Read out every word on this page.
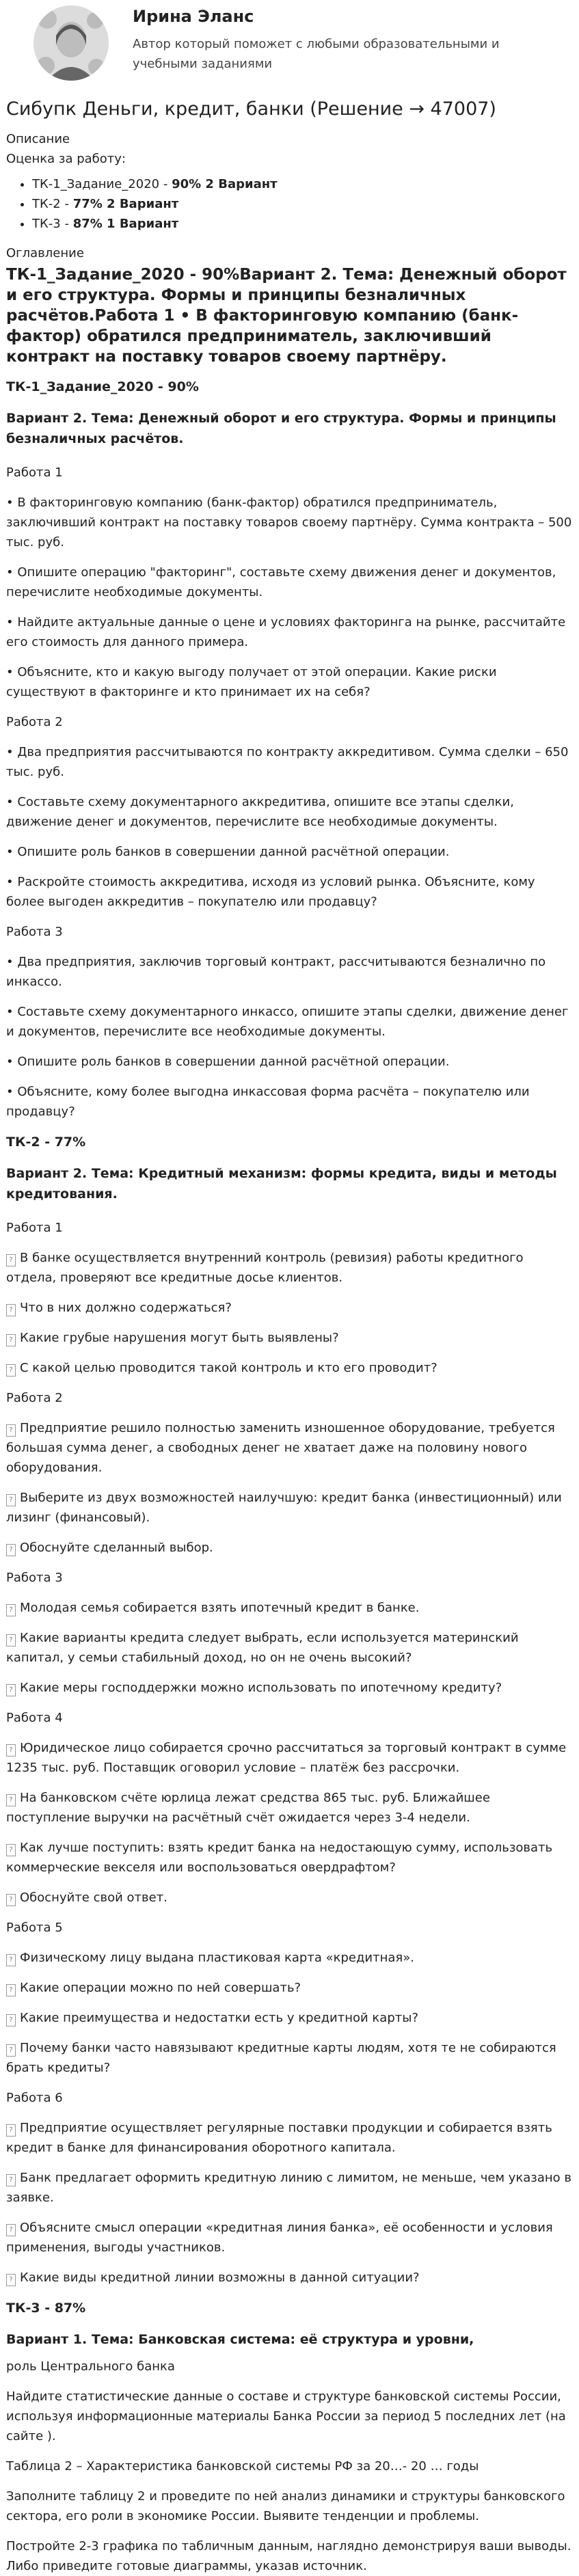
Ирина Эланс
Автор который поможет с любыми образовательными и учебными заданиями
Сибупк Деньги, кредит, банки (Решение → 47007)

Описание

Оценка за работу:

• ТК-1_Задание_2020 - 90% 2 Вариант
• ТК-2 - 77% 2 Вариант
• ТК-3 - 87% 1 Вариант

Оглавление

ТК-1_Задание_2020 - 90%Вариант 2. Тема: Денежный оборот и его структура. Формы и принципы безналичных расчётов.Работа 1 • В факторинговую компанию (банк-фактор) обратился предприниматель, заключивший контракт на поставку товаров своему партнёру.
ТК-1_Задание_2020 - 90%
Вариант 2. Тема: Денежный оборот и его структура. Формы и принципы безналичных расчётов.

Работа 1

• В факторинговую компанию (банк-фактор) обратился предприниматель, заключивший контракт на поставку товаров своему партнёру. Сумма контракта – 500 тыс. руб.

• Опишите операцию "факторинг", составьте схему движения денег и документов, перечислите необходимые документы.

• Найдите актуальные данные о цене и условиях факторинга на рынке, рассчитайте его стоимость для данного примера.

• Объясните, кто и какую выгоду получает от этой операции. Какие риски существуют в факторинге и кто принимает их на себя?

Работа 2

• Два предприятия рассчитываются по контракту аккредитивом. Сумма сделки – 650 тыс. руб.

• Составьте схему документарного аккредитива, опишите все этапы сделки, движение денег и документов, перечислите все необходимые документы.

• Опишите роль банков в совершении данной расчётной операции.

• Раскройте стоимость аккредитива, исходя из условий рынка. Объясните, кому более выгоден аккредитив – покупателю или продавцу?

Работа 3

• Два предприятия, заключив торговый контракт, рассчитываются безналично по инкассо.

• Составьте схему документарного инкассо, опишите этапы сделки, движение денег и документов, перечислите все необходимые документы.

• Опишите роль банков в совершении данной расчётной операции.

• Объясните, кому более выгодна инкассовая форма расчёта – покупателю или продавцу?

ТК-2 - 77%
Вариант 2. Тема: Кредитный механизм: формы кредита, виды и методы кредитования.

Работа 1

? В банке осуществляется внутренний контроль (ревизия) работы кредитного отдела, проверяют все кредитные досье клиентов.

? Что в них должно содержаться?

? Какие грубые нарушения могут быть выявлены?

? С какой целью проводится такой контроль и кто его проводит?

Работа 2

? Предприятие решило полностью заменить изношенное оборудование, требуется большая сумма денег, а свободных денег не хватает даже на половину нового оборудования.

? Выберите из двух возможностей наилучшую: кредит банка (инвестиционный) или лизинг (финансовый).

? Обоснуйте сделанный выбор.

Работа 3

? Молодая семья собирается взять ипотечный кредит в банке.

? Какие варианты кредита следует выбрать, если используется материнский капитал, у семьи стабильный доход, но он не очень высокий?

? Какие меры господдержки можно использовать по ипотечному кредиту?

Работа 4

? Юридическое лицо собирается срочно рассчитаться за торговый контракт в сумме 1235 тыс. руб. Поставщик оговорил условие – платёж без рассрочки.

? На банковском счёте юрлица лежат средства 865 тыс. руб. Ближайшее поступление выручки на расчётный счёт ожидается через 3-4 недели.

? Как лучше поступить: взять кредит банка на недостающую сумму, использовать коммерческие векселя или воспользоваться овердрафтом?

? Обоснуйте свой ответ.

Работа 5

? Физическому лицу выдана пластиковая карта «кредитная».

? Какие операции можно по ней совершать?

? Какие преимущества и недостатки есть у кредитной карты?

? Почему банки часто навязывают кредитные карты людям, хотя те не собираются брать кредиты?

Работа 6

? Предприятие осуществляет регулярные поставки продукции и собирается взять кредит в банке для финансирования оборотного капитала.

? Банк предлагает оформить кредитную линию с лимитом, не меньше, чем указано в заявке.

? Объясните смысл операции «кредитная линия банка», её особенности и условия применения, выгоды участников.

? Какие виды кредитной линии возможны в данной ситуации?

ТК-3 - 87%
Вариант 1. Тема: Банковская система: её структура и уровни,

роль Центрального банка

Найдите статистические данные о составе и структуре банковской системы России, используя информационные материалы Банка России за период 5 последних лет (на сайте ).

Таблица 2 – Характеристика банковской системы РФ за 20…- 20 … годы

Заполните таблицу 2 и проведите по ней анализ динамики и структуры банковского сектора, его роли в экономике России. Выявите тенденции и проблемы.

Постройте 2-3 графика по табличным данным, наглядно демонстрируя ваши выводы. Либо приведите готовые диаграммы, указав источник.
